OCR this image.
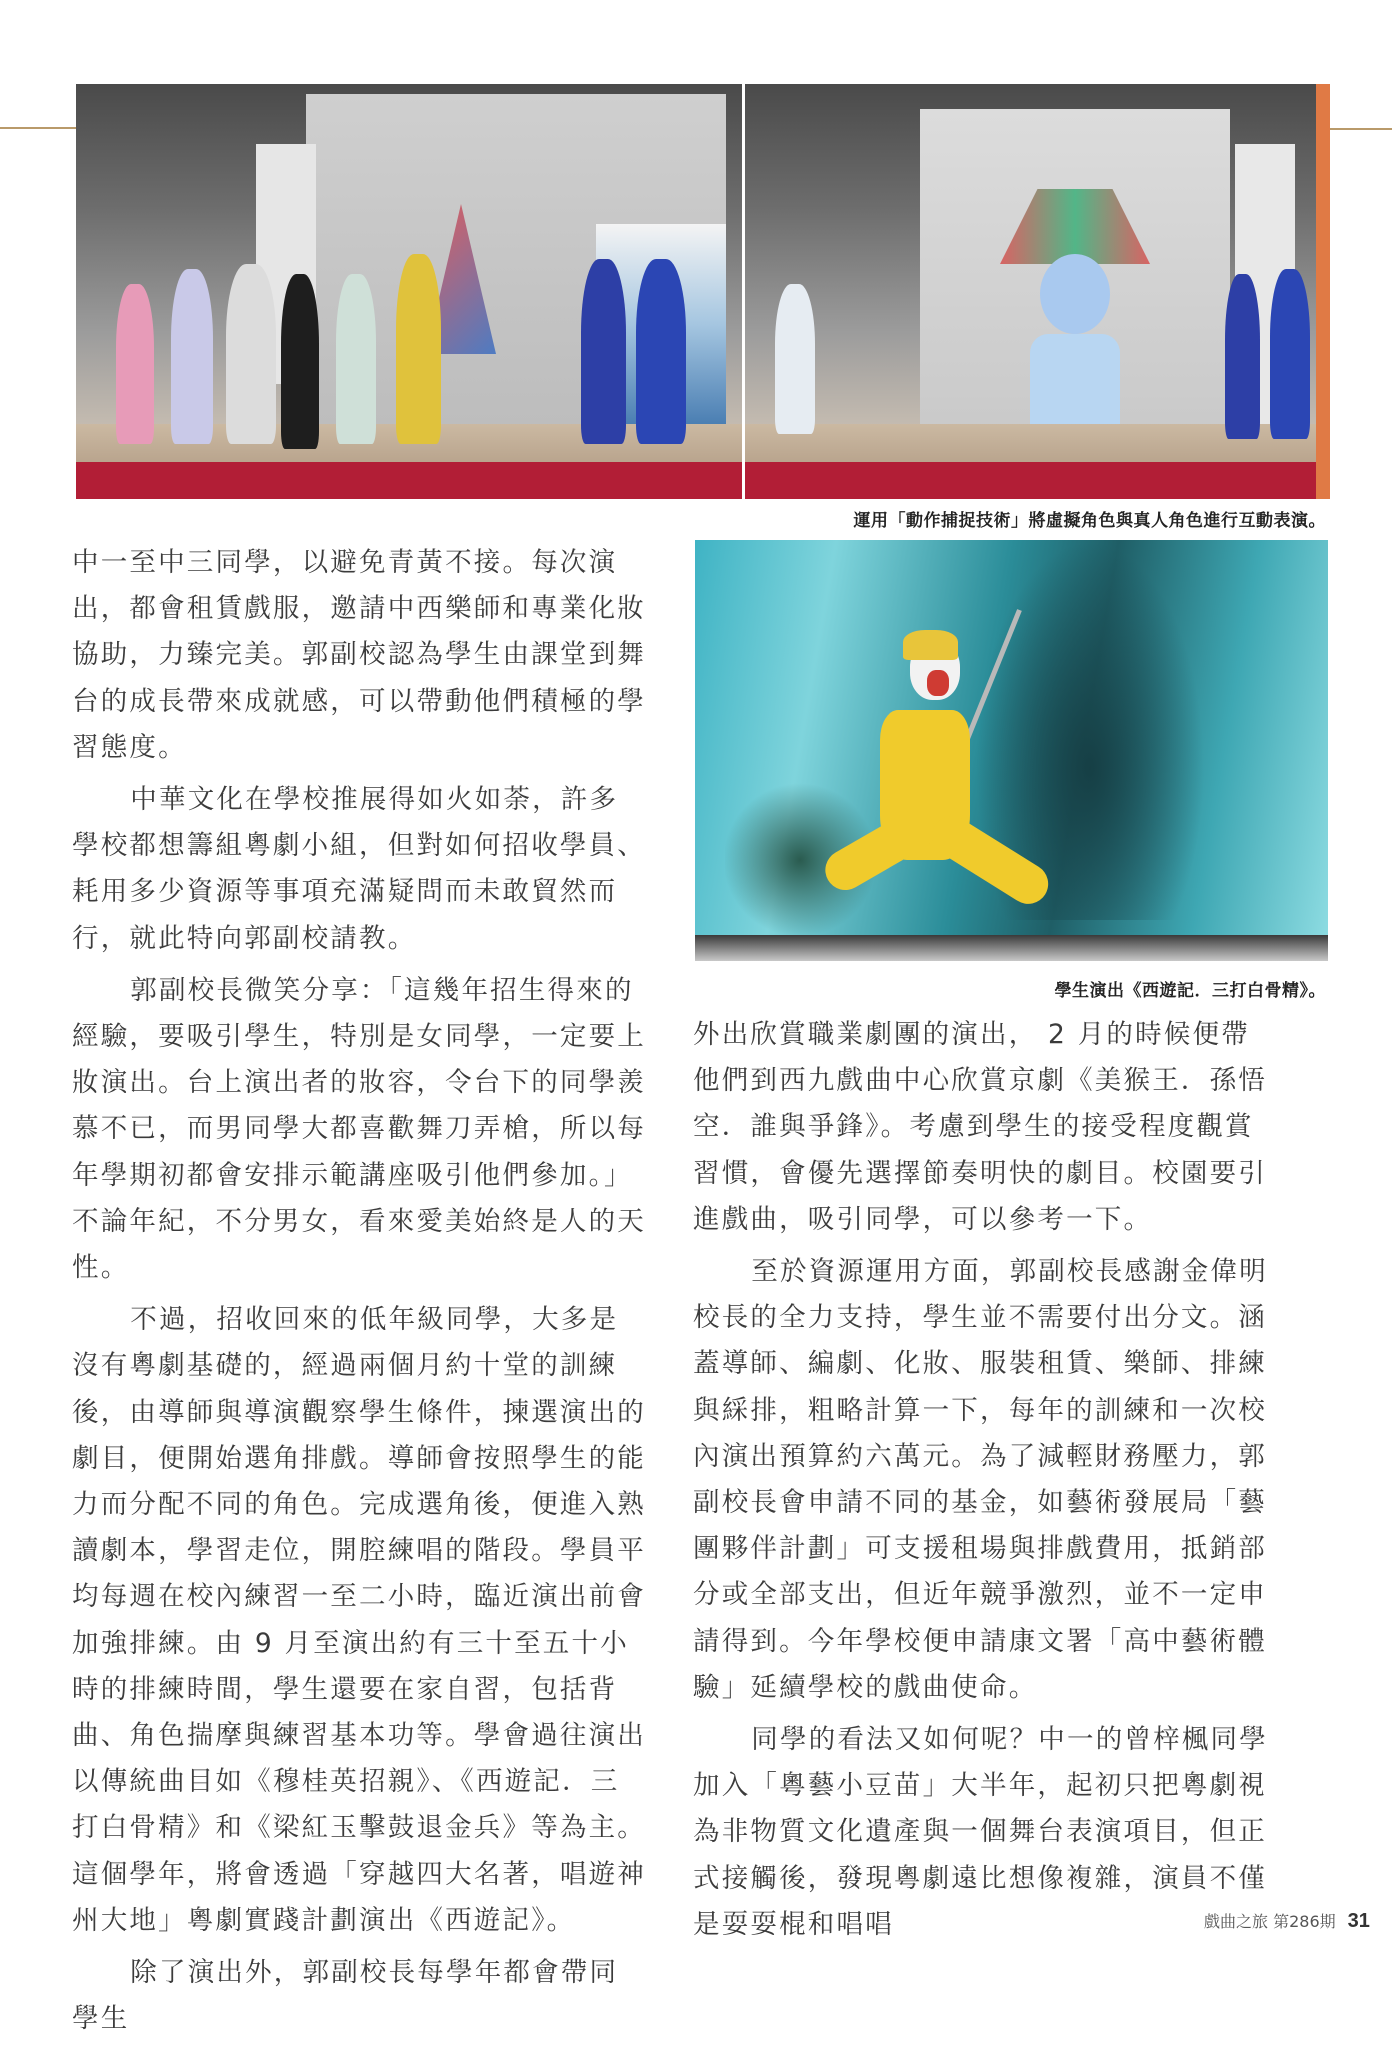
運用「動作捕捉技術」將虛擬角色與真人角色進行互動表演。
學生演出《西遊記．三打白骨精》。

中一至中三同學，以避免青黃不接。每次演出，都會租賃戲服，邀請中西樂師和專業化妝協助，力臻完美。郭副校認為學生由課堂到舞台的成長帶來成就感，可以帶動他們積極的學習態度。

中華文化在學校推展得如火如荼，許多學校都想籌組粵劇小組，但對如何招收學員、耗用多少資源等事項充滿疑問而未敢貿然而行，就此特向郭副校請教。

郭副校長微笑分享：「這幾年招生得來的經驗，要吸引學生，特別是女同學，一定要上妝演出。台上演出者的妝容，令台下的同學羨慕不已，而男同學大都喜歡舞刀弄槍，所以每年學期初都會安排示範講座吸引他們參加。」不論年紀，不分男女，看來愛美始終是人的天性。

不過，招收回來的低年級同學，大多是沒有粵劇基礎的，經過兩個月約十堂的訓練後，由導師與導演觀察學生條件，揀選演出的劇目，便開始選角排戲。導師會按照學生的能力而分配不同的角色。完成選角後，便進入熟讀劇本，學習走位，開腔練唱的階段。學員平均每週在校內練習一至二小時，臨近演出前會加強排練。由 9 月至演出約有三十至五十小時的排練時間，學生還要在家自習，包括背曲、角色揣摩與練習基本功等。學會過往演出以傳統曲目如《穆桂英招親》、《西遊記．三打白骨精》和《梁紅玉擊鼓退金兵》等為主。這個學年，將會透過「穿越四大名著，唱遊神州大地」粵劇實踐計劃演出《西遊記》。

除了演出外，郭副校長每學年都會帶同學生

外出欣賞職業劇團的演出， 2 月的時候便帶他們到西九戲曲中心欣賞京劇《美猴王．孫悟空．誰與爭鋒》。考慮到學生的接受程度觀賞習慣，會優先選擇節奏明快的劇目。校園要引進戲曲，吸引同學，可以參考一下。

至於資源運用方面，郭副校長感謝金偉明校長的全力支持，學生並不需要付出分文。涵蓋導師、編劇、化妝、服裝租賃、樂師、排練與綵排，粗略計算一下，每年的訓練和一次校內演出預算約六萬元。為了減輕財務壓力，郭副校長會申請不同的基金，如藝術發展局「藝團夥伴計劃」可支援租場與排戲費用，抵銷部分或全部支出，但近年競爭激烈，並不一定申請得到。今年學校便申請康文署「高中藝術體驗」延續學校的戲曲使命。

同學的看法又如何呢？中一的曾梓楓同學加入「粵藝小豆苗」大半年，起初只把粵劇視為非物質文化遺產與一個舞台表演項目，但正式接觸後，發現粵劇遠比想像複雜，演員不僅是耍耍棍和唱唱	戲曲之旅 第286期 31
